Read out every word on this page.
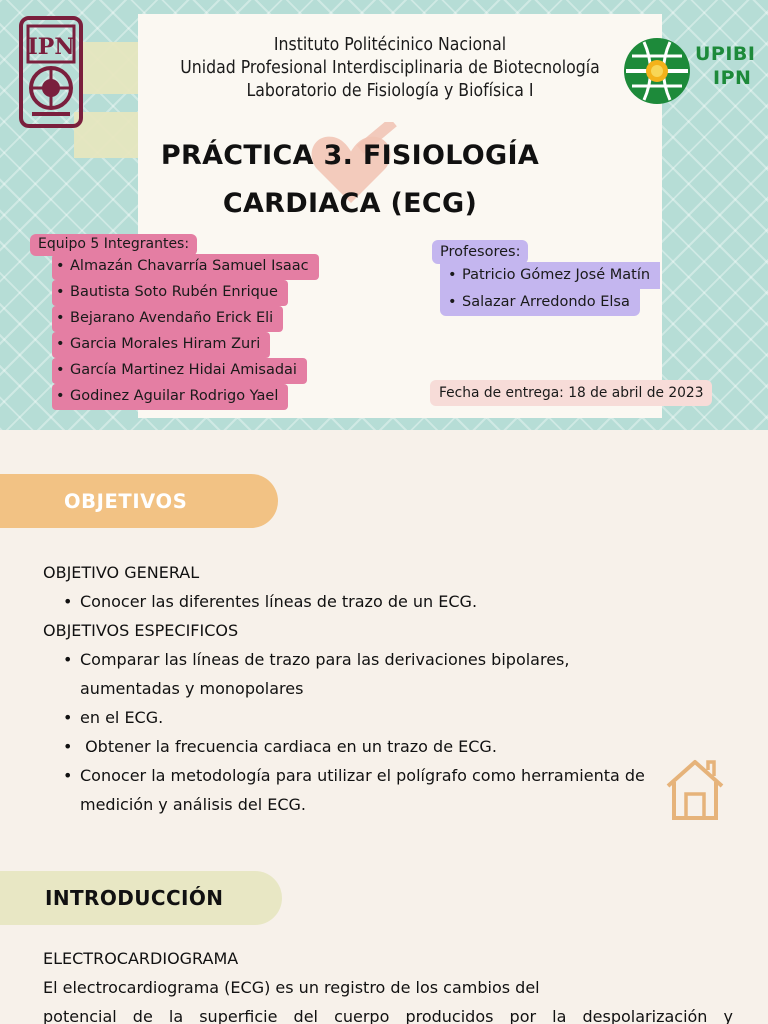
IPN	UPIBI
IPN
Instituto Politécinico Nacional
Unidad Profesional Interdisciplinaria de Biotecnología
Laboratorio de Fisiología y Biofísica I
PRÁCTICA 3. FISIOLOGÍA
CARDIACA (ECG)
Equipo 5 Integrantes:
• Almazán Chavarría Samuel Isaac
• Bautista Soto Rubén Enrique
• Bejarano Avendaño Erick Eli
• Garcia Morales Hiram Zuri
• García Martinez Hidai Amisadai
• Godinez Aguilar Rodrigo Yael
Profesores:
• Patricio Gómez José Matín
• Salazar Arredondo Elsa
Fecha de entrega: 18 de abril de 2023
OBJETIVOS
OBJETIVO GENERAL
• Conocer las diferentes líneas de trazo de un ECG.
OBJETIVOS ESPECIFICOS
• Comparar las líneas de trazo para las derivaciones bipolares,
aumentadas y monopolares
• en el ECG.
•  Obtener la frecuencia cardiaca en un trazo de ECG.
• Conocer la metodología para utilizar el polígrafo como herramienta de
medición y análisis del ECG.
INTRODUCCIÓN
ELECTROCARDIOGRAMA
El electrocardiograma (ECG) es un registro de los cambios del
potencial de la superficie del cuerpo producidos por la despolarización y
